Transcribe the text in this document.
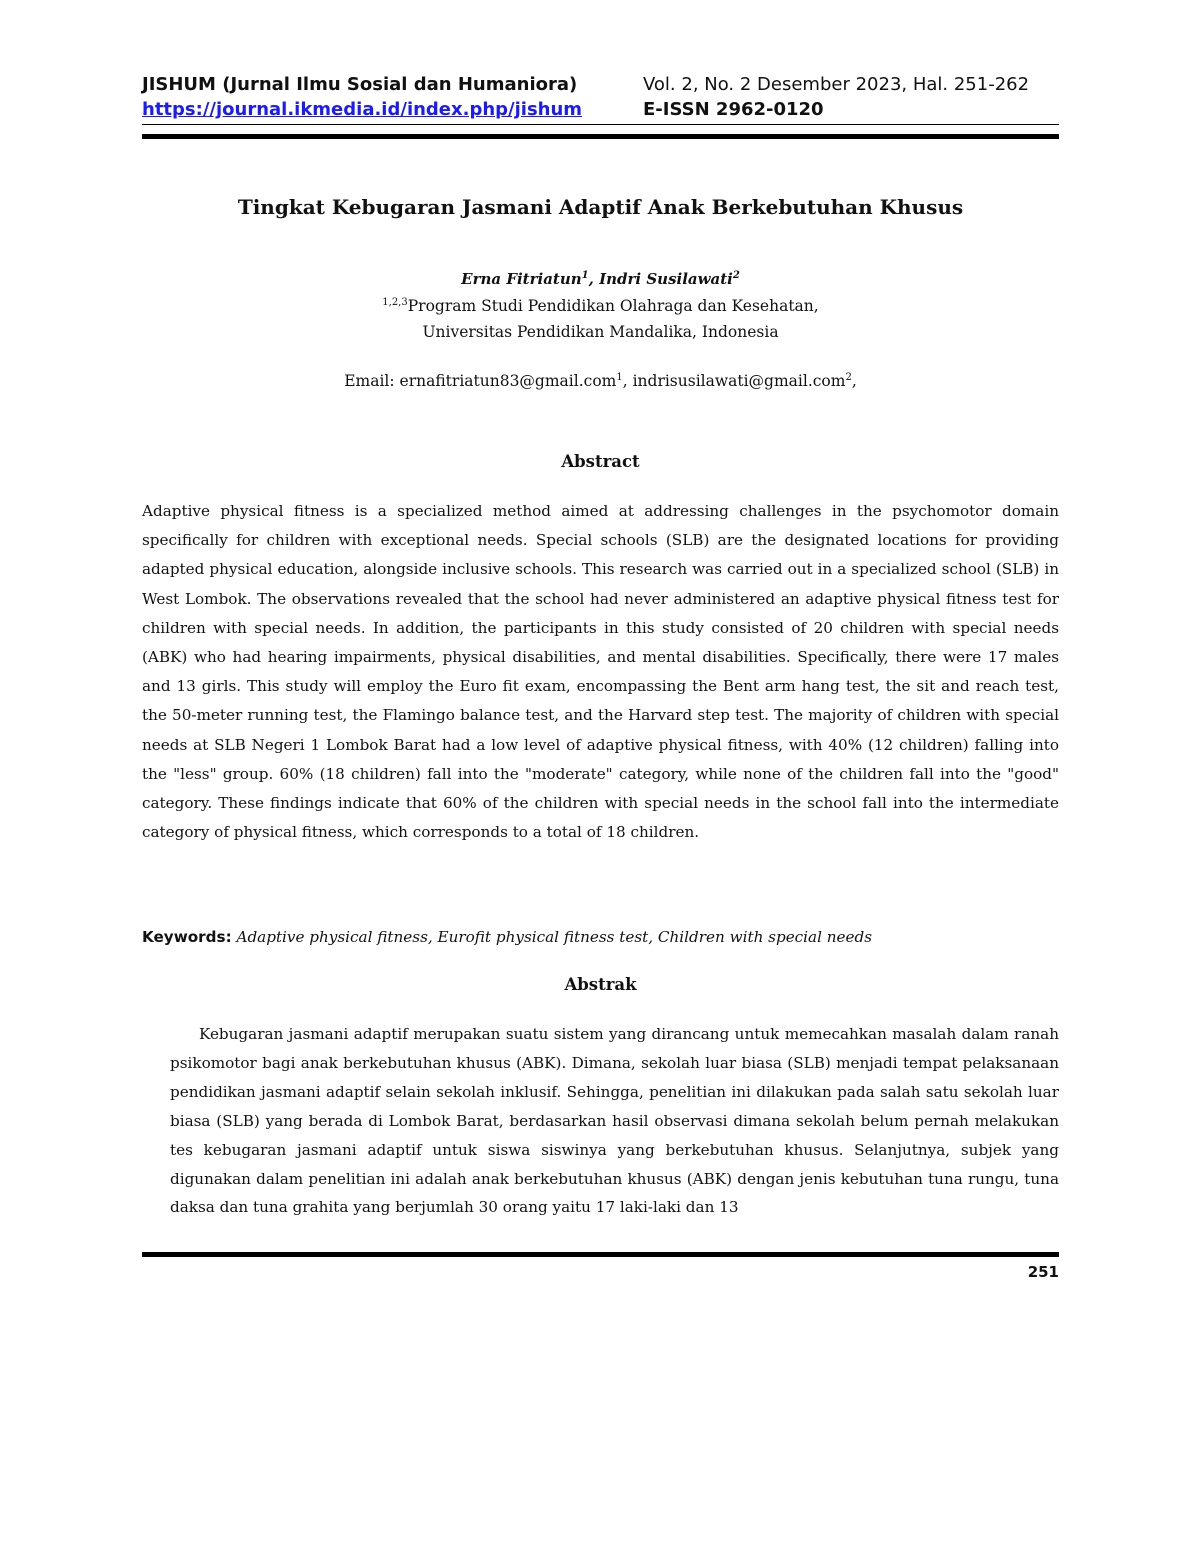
JISHUM (Jurnal Ilmu Sosial dan Humaniora)
https://journal.ikmedia.id/index.php/jishum
Vol. 2, No. 2 Desember 2023, Hal. 251-262
E-ISSN 2962-0120
Tingkat Kebugaran Jasmani Adaptif Anak Berkebutuhan Khusus
Erna Fitriatun$^1$, Indri Susilawati$^2$
$^{1,2,3}$Program Studi Pendidikan Olahraga dan Kesehatan,
Universitas Pendidikan Mandalika, Indonesia
Email: ernafitriatun83@gmail.com$^1$, indrisusilawati@gmail.com$^2$,
Abstract
Adaptive physical fitness is a specialized method aimed at addressing challenges in the psychomotor domain specifically for children with exceptional needs. Special schools (SLB) are the designated locations for providing adapted physical education, alongside inclusive schools. This research was carried out in a specialized school (SLB) in West Lombok. The observations revealed that the school had never administered an adaptive physical fitness test for children with special needs. In addition, the participants in this study consisted of 20 children with special needs (ABK) who had hearing impairments, physical disabilities, and mental disabilities. Specifically, there were 17 males and 13 girls. This study will employ the Euro fit exam, encompassing the Bent arm hang test, the sit and reach test, the 50-meter running test, the Flamingo balance test, and the Harvard step test. The majority of children with special needs at SLB Negeri 1 Lombok Barat had a low level of adaptive physical fitness, with 40% (12 children) falling into the "less" group. 60% (18 children) fall into the "moderate" category, while none of the children fall into the "good" category. These findings indicate that 60% of the children with special needs in the school fall into the intermediate category of physical fitness, which corresponds to a total of 18 children.
Keywords: Adaptive physical fitness, Eurofit physical fitness test, Children with special needs
Abstrak
Kebugaran jasmani adaptif merupakan suatu sistem yang dirancang untuk memecahkan masalah dalam ranah psikomotor bagi anak berkebutuhan khusus (ABK). Dimana, sekolah luar biasa (SLB) menjadi tempat pelaksanaan pendidikan jasmani adaptif selain sekolah inklusif. Sehingga, penelitian ini dilakukan pada salah satu sekolah luar biasa (SLB) yang berada di Lombok Barat, berdasarkan hasil observasi dimana sekolah belum pernah melakukan tes kebugaran jasmani adaptif untuk siswa siswinya yang berkebutuhan khusus. Selanjutnya, subjek yang digunakan dalam penelitian ini adalah anak berkebutuhan khusus (ABK) dengan jenis kebutuhan tuna rungu, tuna daksa dan tuna grahita yang berjumlah 30 orang yaitu 17 laki-laki dan 13
251
